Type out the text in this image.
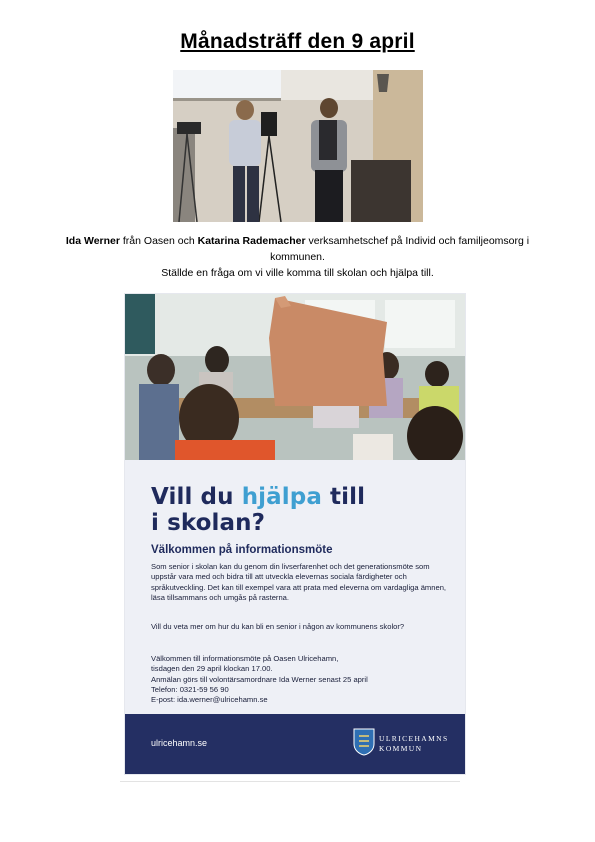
Månadsträff den 9 april
Ida Werner från Oasen och Katarina Rademacher verksamhetschef på Individ och familjeomsorg i kommunen.
Ställde en fråga om vi ville komma till skolan och hjälpa till.
Vill du hjälpa till
i skolan?
Välkommen på informationsmöte
Som senior i skolan kan du genom din livserfarenhet och det generationsmöte som uppstår vara med och bidra till att utveckla elevernas sociala färdigheter och språkutveckling. Det kan till exempel vara att prata med eleverna om vardagliga ämnen, läsa tillsammans och umgås på rasterna.
Vill du veta mer om hur du kan bli en senior i någon av kommunens skolor?
Välkommen till informationsmöte på Oasen Ulricehamn,
tisdagen den 29 april klockan 17.00.
Anmälan görs till volontärsamordnare Ida Werner senast 25 april
Telefon: 0321-59 56 90
E-post: ida.werner@ulricehamn.se
ulricehamn.se	ULRICEHAMNS
KOMMUN
